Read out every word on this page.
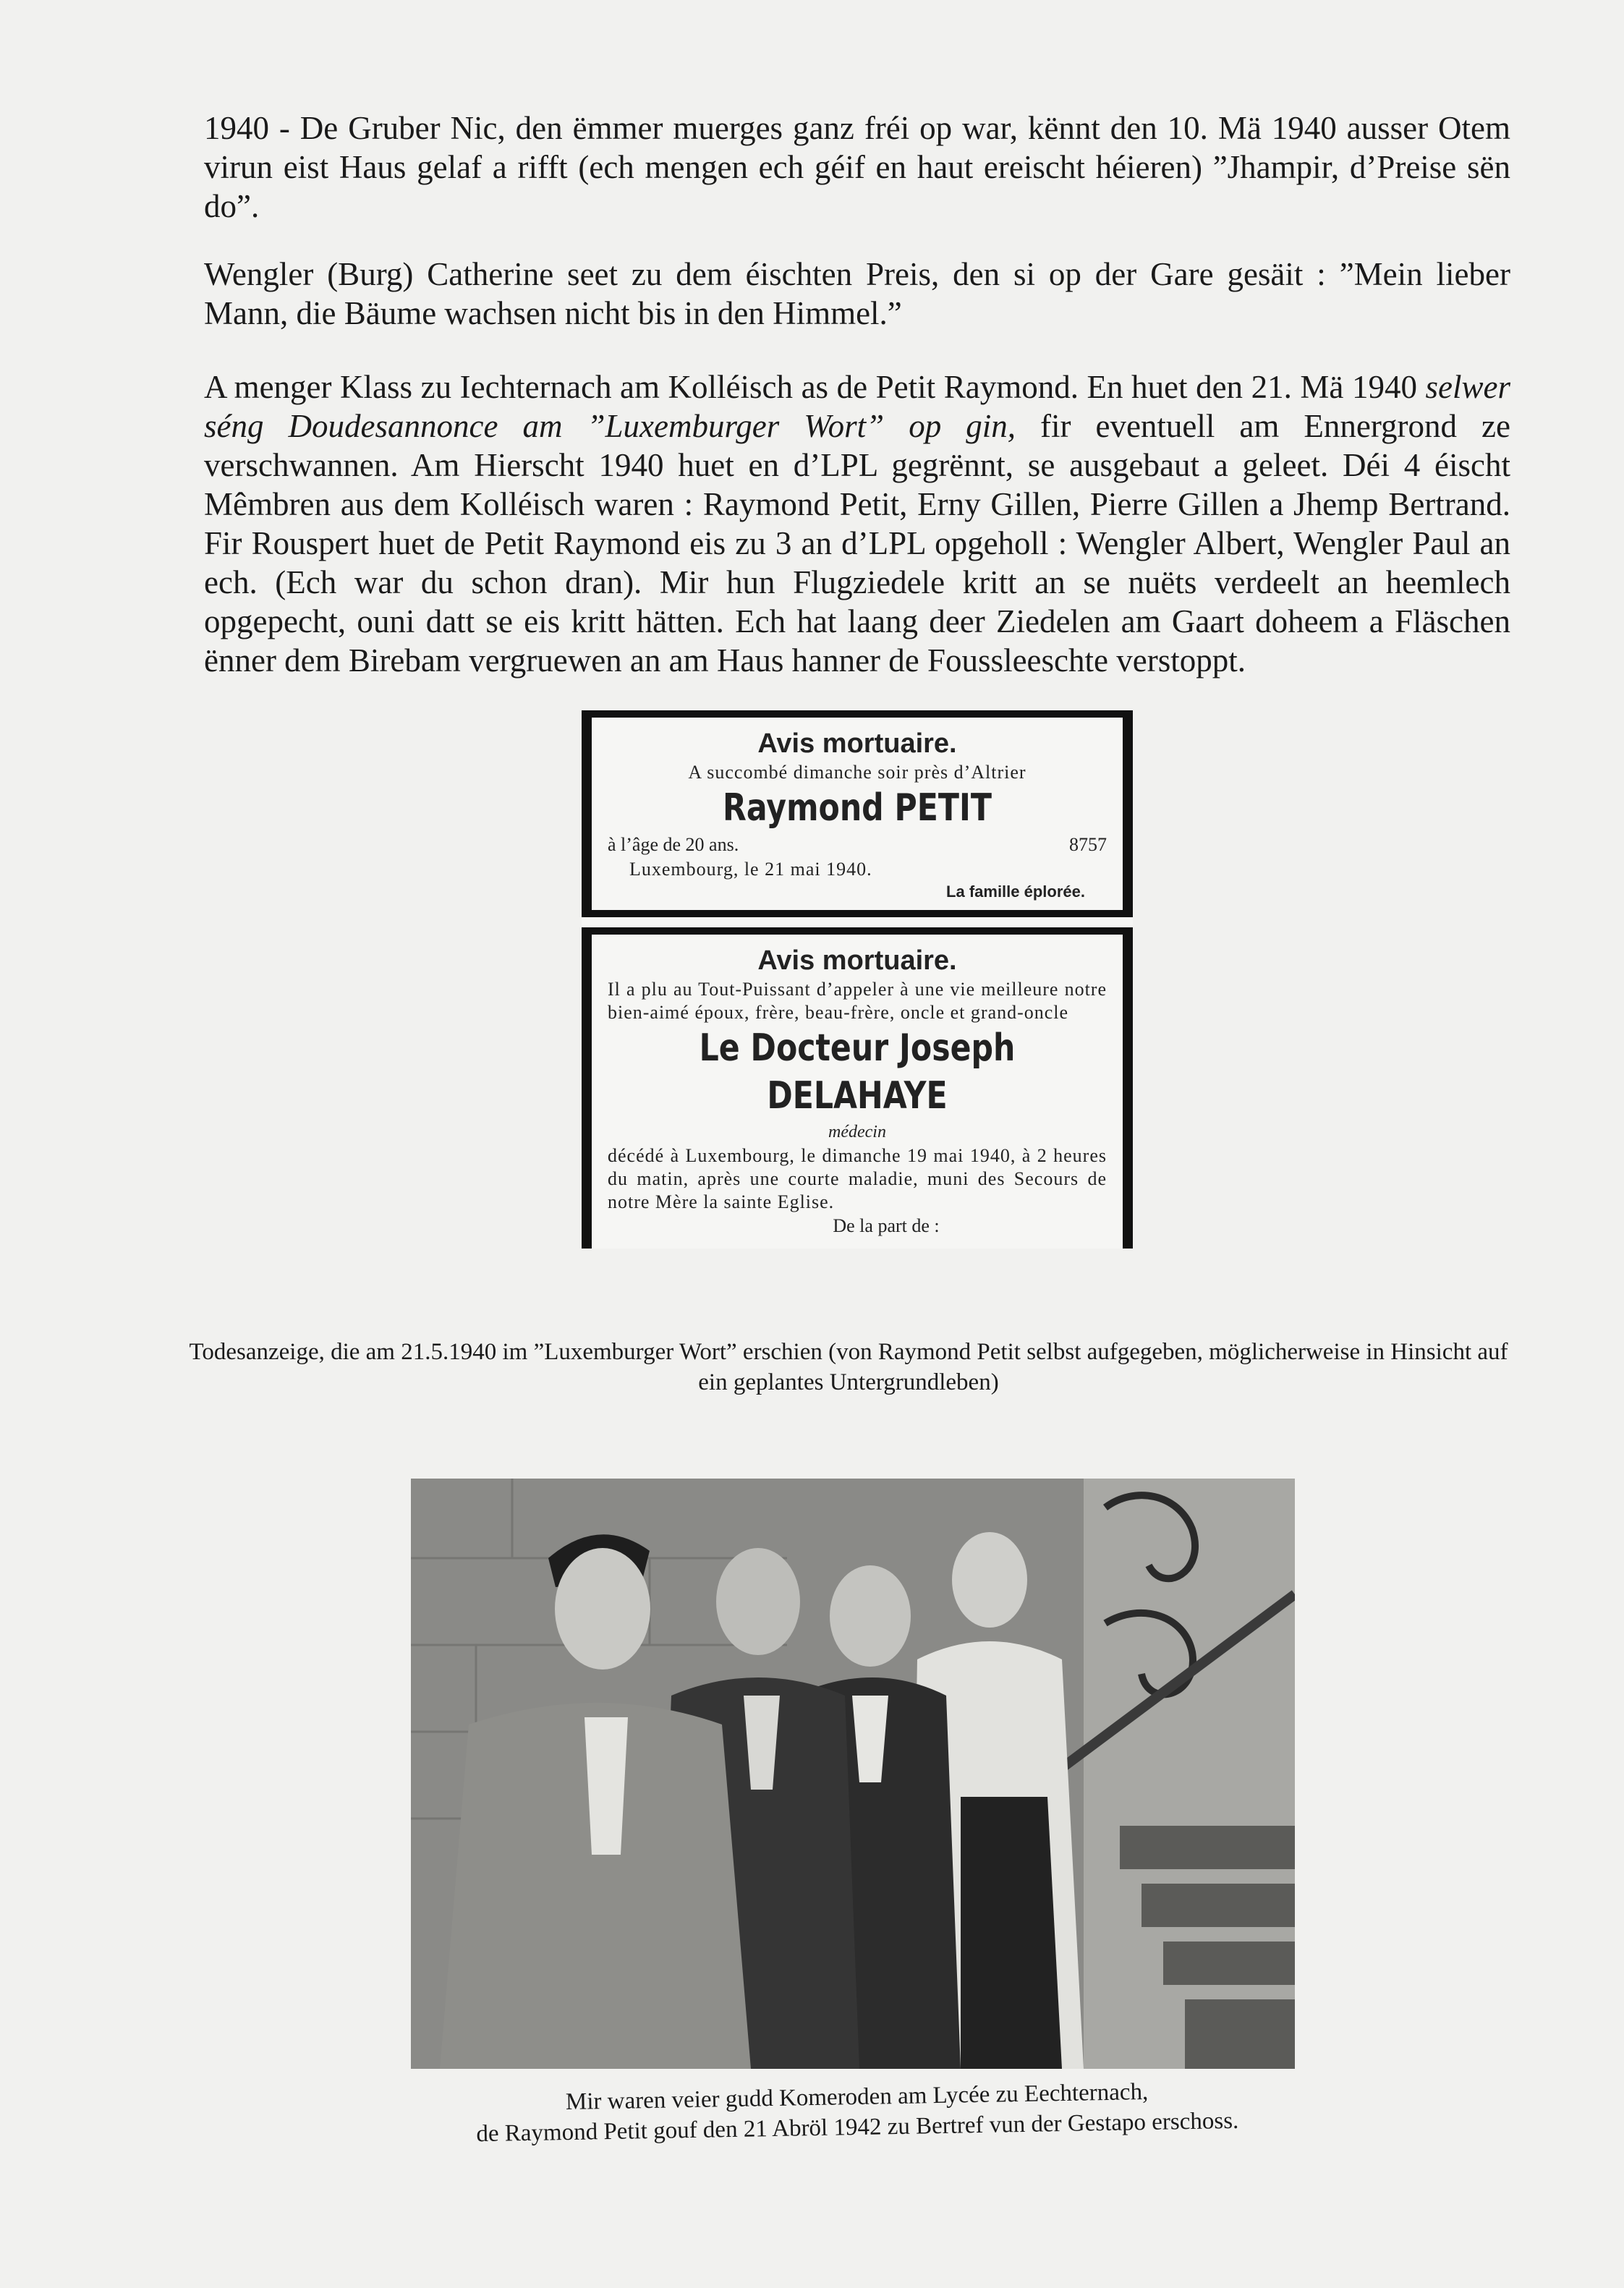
1940 - De Gruber Nic, den ëmmer muerges ganz fréi op war, kënnt den 10. Mä 1940 ausser Otem virun eist Haus gelaf a rifft (ech mengen ech géif en haut ereischt héieren) ”Jhampir, d’Preise sën do”.

Wengler (Burg) Catherine seet zu dem éischten Preis, den si op der Gare gesäit : ”Mein lieber Mann, die Bäume wachsen nicht bis in den Himmel.”

A menger Klass zu Iechternach am Kolléisch as de Petit Raymond. En huet den 21. Mä 1940 selwer séng Doudesannonce am ”Luxemburger Wort” op gin, fir eventuell am Ennergrond ze verschwannen. Am Hierscht 1940 huet en d’LPL gegrënnt, se ausgebaut a geleet. Déi 4 éischt Mêmbren aus dem Kolléisch waren : Raymond Petit, Erny Gillen, Pierre Gillen a Jhemp Bertrand. Fir Rouspert huet de Petit Raymond eis zu 3 an d’LPL opgeholl : Wengler Albert, Wengler Paul an ech. (Ech war du schon dran). Mir hun Flugziedele kritt an se nuëts verdeelt an heemlech opgepecht, ouni datt se eis kritt hätten. Ech hat laang deer Ziedelen am Gaart doheem a Fläschen ënner dem Birebam vergruewen an am Haus hanner de Foussleeschte verstoppt.

Avis mortuaire.
A succombé dimanche soir près d’Altrier
Raymond PETIT
à l’âge de 20 ans.	8757
Luxembourg, le 21 mai 1940.
La famille éplorée.
Avis mortuaire.
Il a plu au Tout-Puissant d’appeler à une vie meilleure notre bien-aimé époux, frère, beau-frère, oncle et grand-oncle
Le Docteur Joseph DELAHAYE
médecin
décédé à Luxembourg, le dimanche 19 mai 1940, à 2 heures du matin, après une courte maladie, muni des Secours de notre Mère la sainte Eglise.
De la part de :

Todesanzeige, die am 21.5.1940 im ”Luxemburger Wort” erschien (von Raymond Petit selbst aufgegeben, möglicherweise in Hinsicht auf ein geplantes Untergrundleben)

Mir waren veier gudd Komeroden am Lycée zu Eechternach,
de Raymond Petit gouf den 21 Abröl 1942 zu Bertref vun der Gestapo erschoss.
